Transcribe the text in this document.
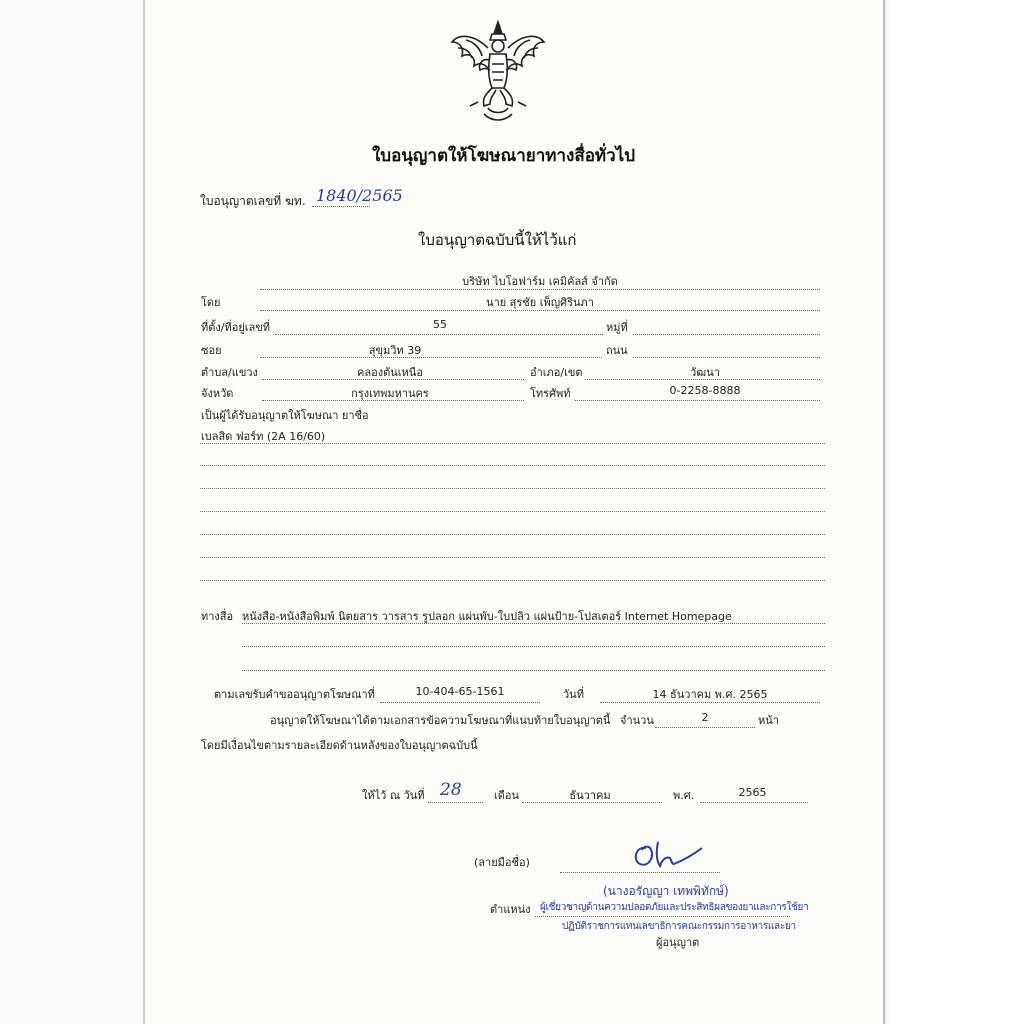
ใบอนุญาตให้โฆษณายาทางสื่อทั่วไป
ใบอนุญาตเลขที่ ฆท. 1840/2565
ใบอนุญาตฉบับนี้ให้ไว้แก่
บริษัท ไบโอฟาร์ม เคมิคัลส์ จำกัด
โดย	นาย สุรชัย เพ็ญศิรินภา
ที่ตั้ง/ที่อยู่เลขที่	55	หมู่ที่
ซอย	สุขุมวิท 39	ถนน
ตำบล/แขวง	คลองตันเหนือ	อำเภอ/เขต	วัฒนา
จังหวัด	กรุงเทพมหานคร	โทรศัพท์	0-2258-8888
เป็นผู้ได้รับอนุญาตให้โฆษณา ยาชื่อ
เบลสิด ฟอร์ท (2A 16/60)
ทางสื่อ หนังสือ-หนังสือพิมพ์ นิตยสาร วารสาร รูปลอก แผ่นพับ-ใบปลิว แผ่นป้าย-โปสเตอร์ Internet Homepage
ตามเลขรับคำขออนุญาตโฆษณาที่	10-404-65-1561	วันที่	14 ธันวาคม พ.ศ. 2565
อนุญาตให้โฆษณาได้ตามเอกสารข้อความโฆษณาที่แนบท้ายใบอนุญาตนี้ จำนวน	2	หน้า
โดยมีเงื่อนไขตามรายละเอียดด้านหลังของใบอนุญาตฉบับนี้
ให้ไว้ ณ วันที่ 28	เดือน	ธันวาคม	พ.ศ.	2565
(ลายมือชื่อ)
(นางอรัญญา เทพพิทักษ์)
ตำแหน่ง ผู้เชี่ยวชาญด้านความปลอดภัยและประสิทธิผลของยาและการใช้ยา
ปฏิบัติราชการแทนเลขาธิการคณะกรรมการอาหารและยา
ผู้อนุญาต
